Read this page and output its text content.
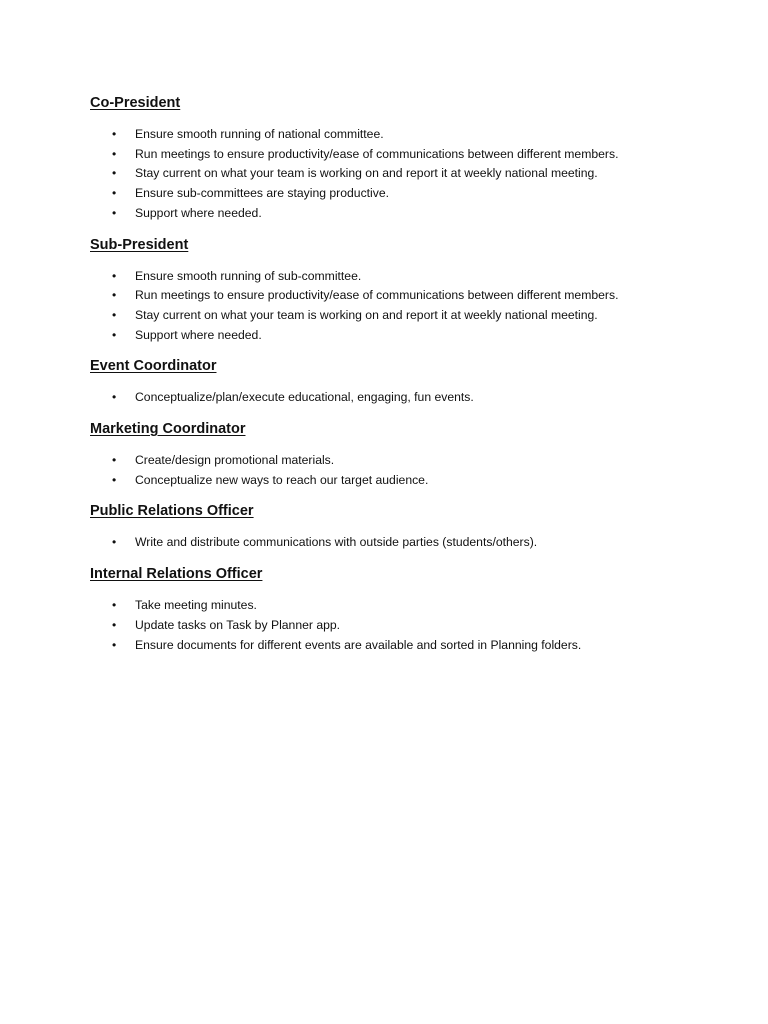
Co-President
• Ensure smooth running of national committee.
• Run meetings to ensure productivity/ease of communications between different members.
• Stay current on what your team is working on and report it at weekly national meeting.
• Ensure sub-committees are staying productive.
• Support where needed.
Sub-President
• Ensure smooth running of sub-committee.
• Run meetings to ensure productivity/ease of communications between different members.
• Stay current on what your team is working on and report it at weekly national meeting.
• Support where needed.
Event Coordinator
• Conceptualize/plan/execute educational, engaging, fun events.
Marketing Coordinator
• Create/design promotional materials.
• Conceptualize new ways to reach our target audience.
Public Relations Officer
• Write and distribute communications with outside parties (students/others).
Internal Relations Officer
• Take meeting minutes.
• Update tasks on Task by Planner app.
• Ensure documents for different events are available and sorted in Planning folders.
